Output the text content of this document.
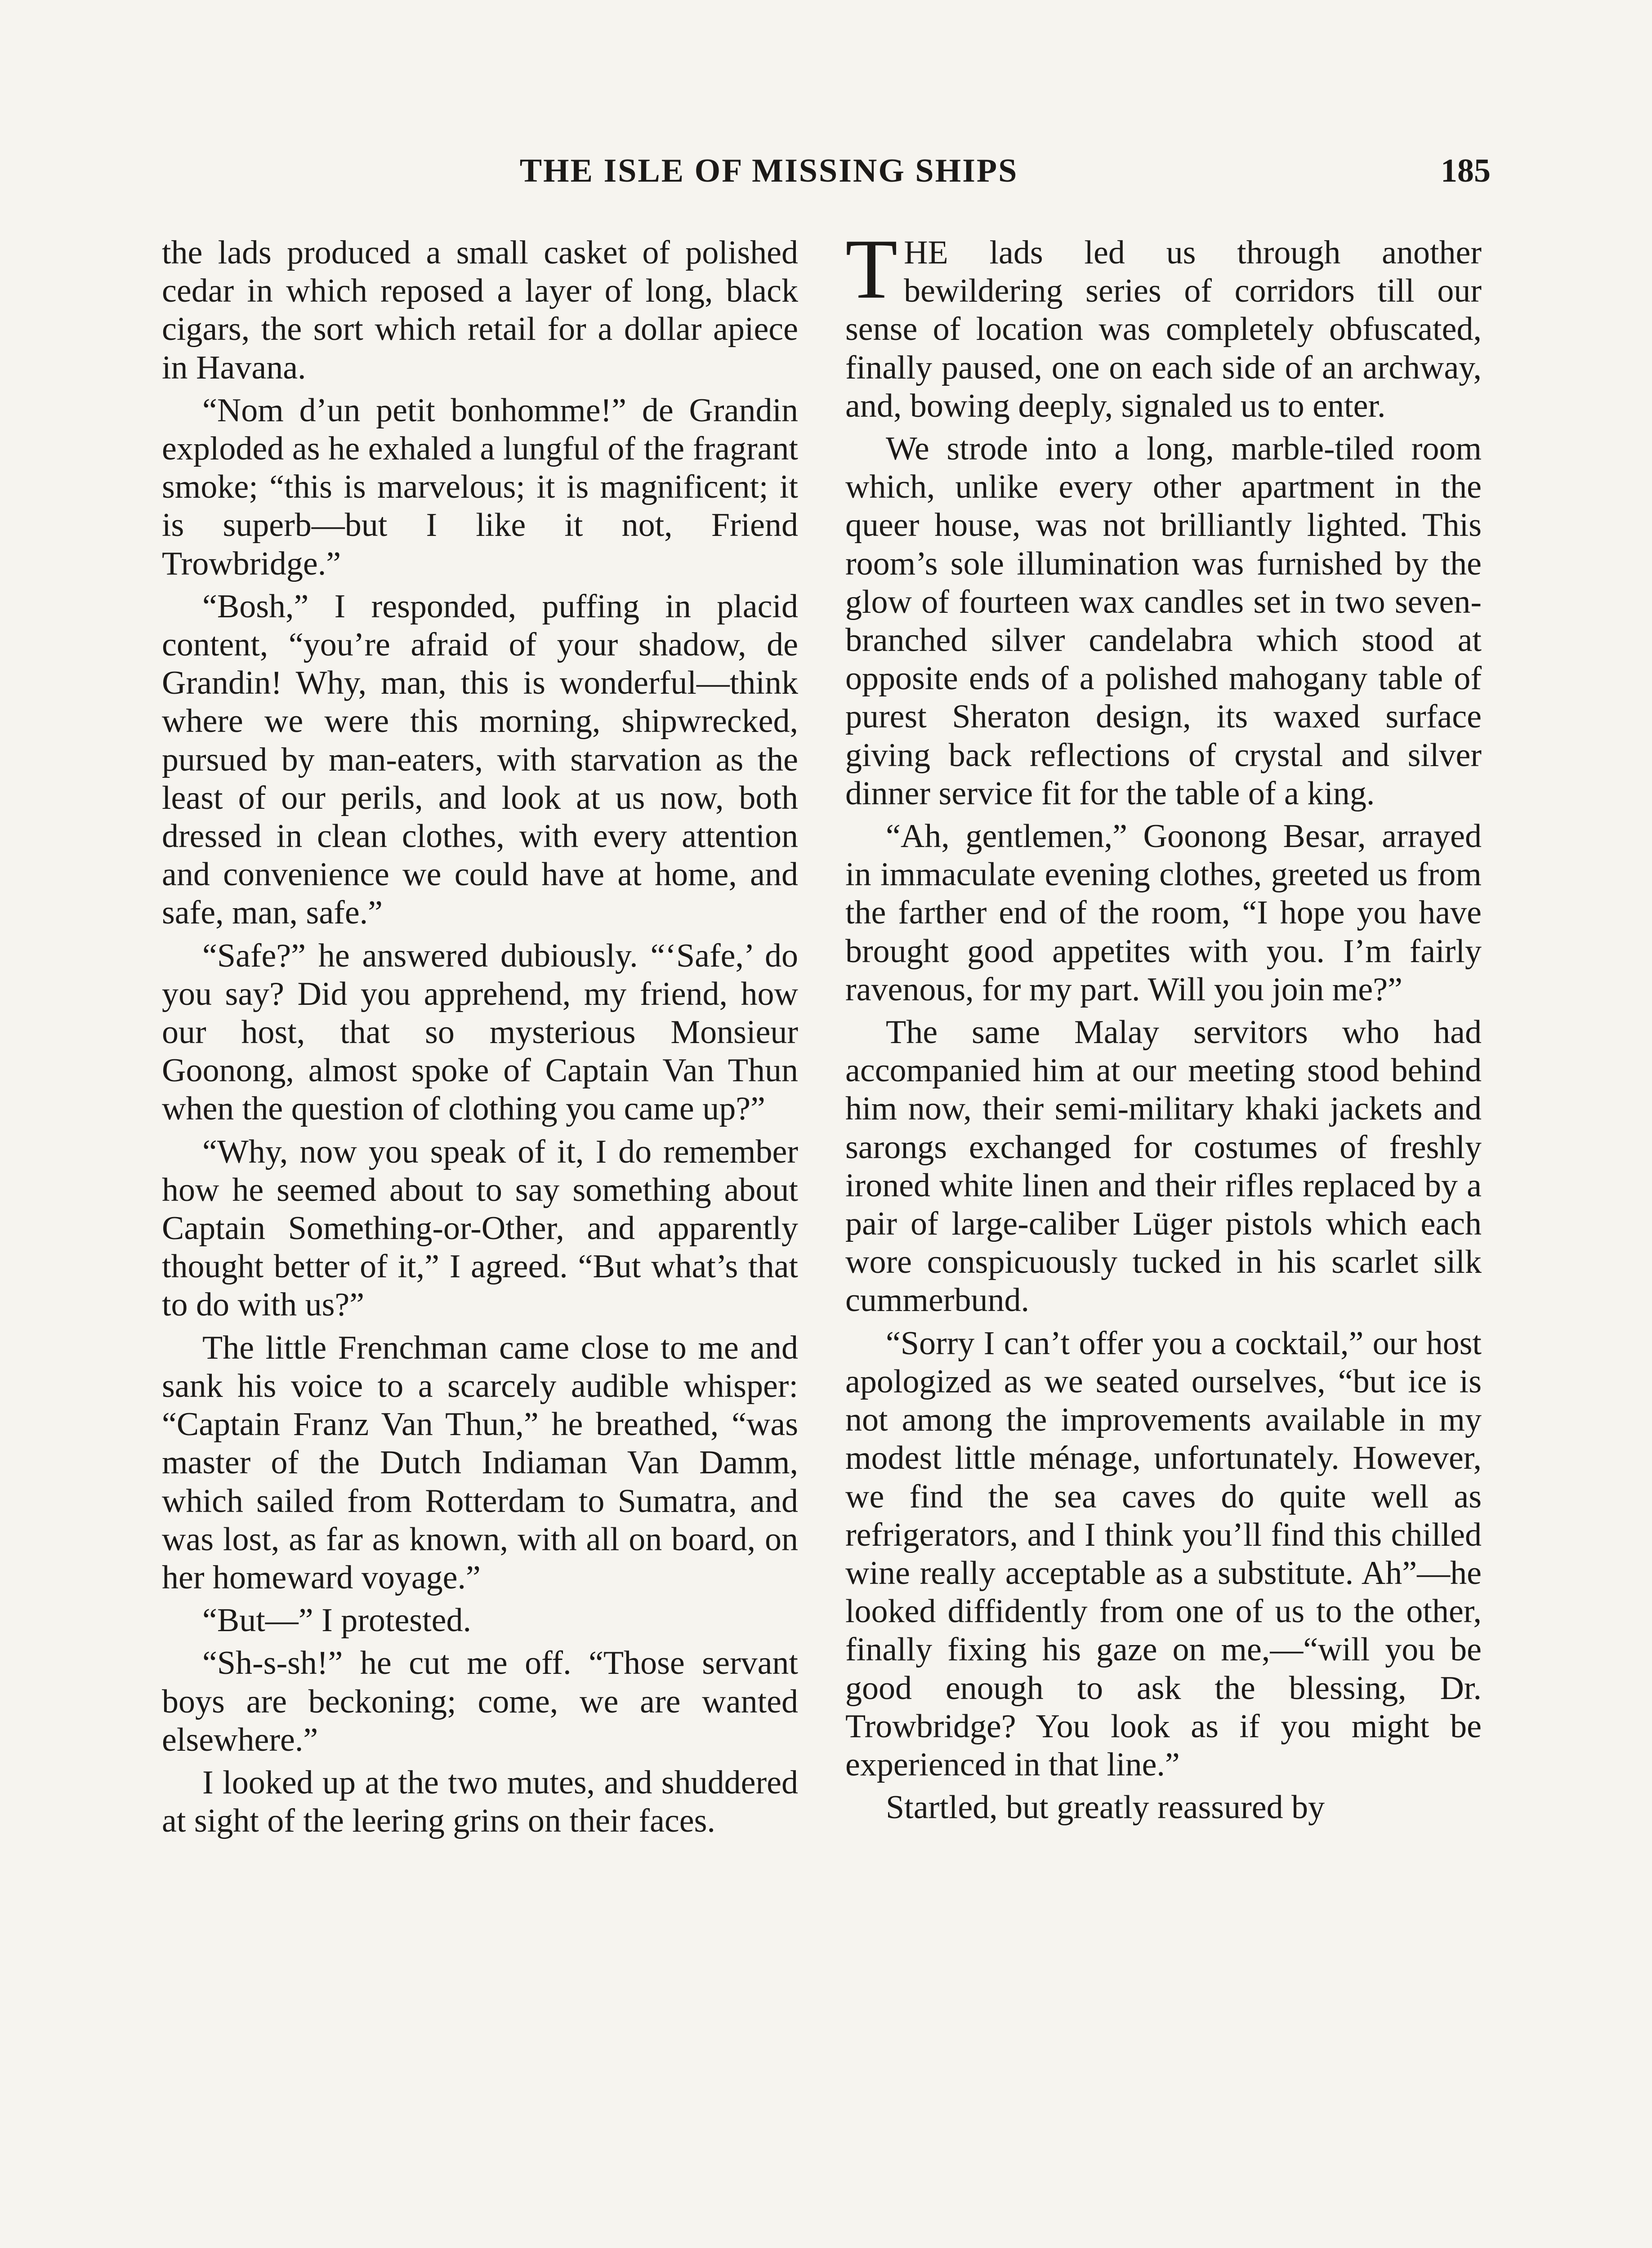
THE ISLE OF MISSING SHIPS	185

the lads produced a small casket of polished cedar in which reposed a layer of long, black cigars, the sort which retail for a dollar apiece in Havana.

“Nom d’un petit bonhomme!” de Grandin exploded as he exhaled a lungful of the fragrant smoke; “this is marvelous; it is magnificent; it is superb—but I like it not, Friend Trowbridge.”

“Bosh,” I responded, puffing in placid content, “you’re afraid of your shadow, de Grandin! Why, man, this is wonderful—think where we were this morning, shipwrecked, pursued by man-eaters, with starvation as the least of our perils, and look at us now, both dressed in clean clothes, with every attention and convenience we could have at home, and safe, man, safe.”

“Safe?” he answered dubiously. “‘Safe,’ do you say? Did you apprehend, my friend, how our host, that so mysterious Monsieur Goonong, almost spoke of Captain Van Thun when the question of clothing you came up?”

“Why, now you speak of it, I do remember how he seemed about to say something about Captain Something-or-Other, and apparently thought better of it,” I agreed. “But what’s that to do with us?”

The little Frenchman came close to me and sank his voice to a scarcely audible whisper: “Captain Franz Van Thun,” he breathed, “was master of the Dutch Indiaman Van Damm, which sailed from Rotterdam to Sumatra, and was lost, as far as known, with all on board, on her homeward voyage.”

“But—” I protested.

“Sh-s-sh!” he cut me off. “Those servant boys are beckoning; come, we are wanted elsewhere.”

I looked up at the two mutes, and shuddered at sight of the leering grins on their faces.

THE lads led us through another bewildering series of corridors till our sense of location was completely obfuscated, finally paused, one on each side of an archway, and, bowing deeply, signaled us to enter.

We strode into a long, marble-tiled room which, unlike every other apartment in the queer house, was not brilliantly lighted. This room’s sole illumination was furnished by the glow of fourteen wax candles set in two seven-branched silver candelabra which stood at opposite ends of a polished mahogany table of purest Sheraton design, its waxed surface giving back reflections of crystal and silver dinner service fit for the table of a king.

“Ah, gentlemen,” Goonong Besar, arrayed in immaculate evening clothes, greeted us from the farther end of the room, “I hope you have brought good appetites with you. I’m fairly ravenous, for my part. Will you join me?”

The same Malay servitors who had accompanied him at our meeting stood behind him now, their semi-military khaki jackets and sarongs exchanged for costumes of freshly ironed white linen and their rifles replaced by a pair of large-caliber Lüger pistols which each wore conspicuously tucked in his scarlet silk cummerbund.

“Sorry I can’t offer you a cocktail,” our host apologized as we seated ourselves, “but ice is not among the improvements available in my modest little ménage, unfortunately. However, we find the sea caves do quite well as refrigerators, and I think you’ll find this chilled wine really acceptable as a substitute. Ah”—he looked diffidently from one of us to the other, finally fixing his gaze on me,—“will you be good enough to ask the blessing, Dr. Trowbridge? You look as if you might be experienced in that line.”

Startled, but greatly reassured by
